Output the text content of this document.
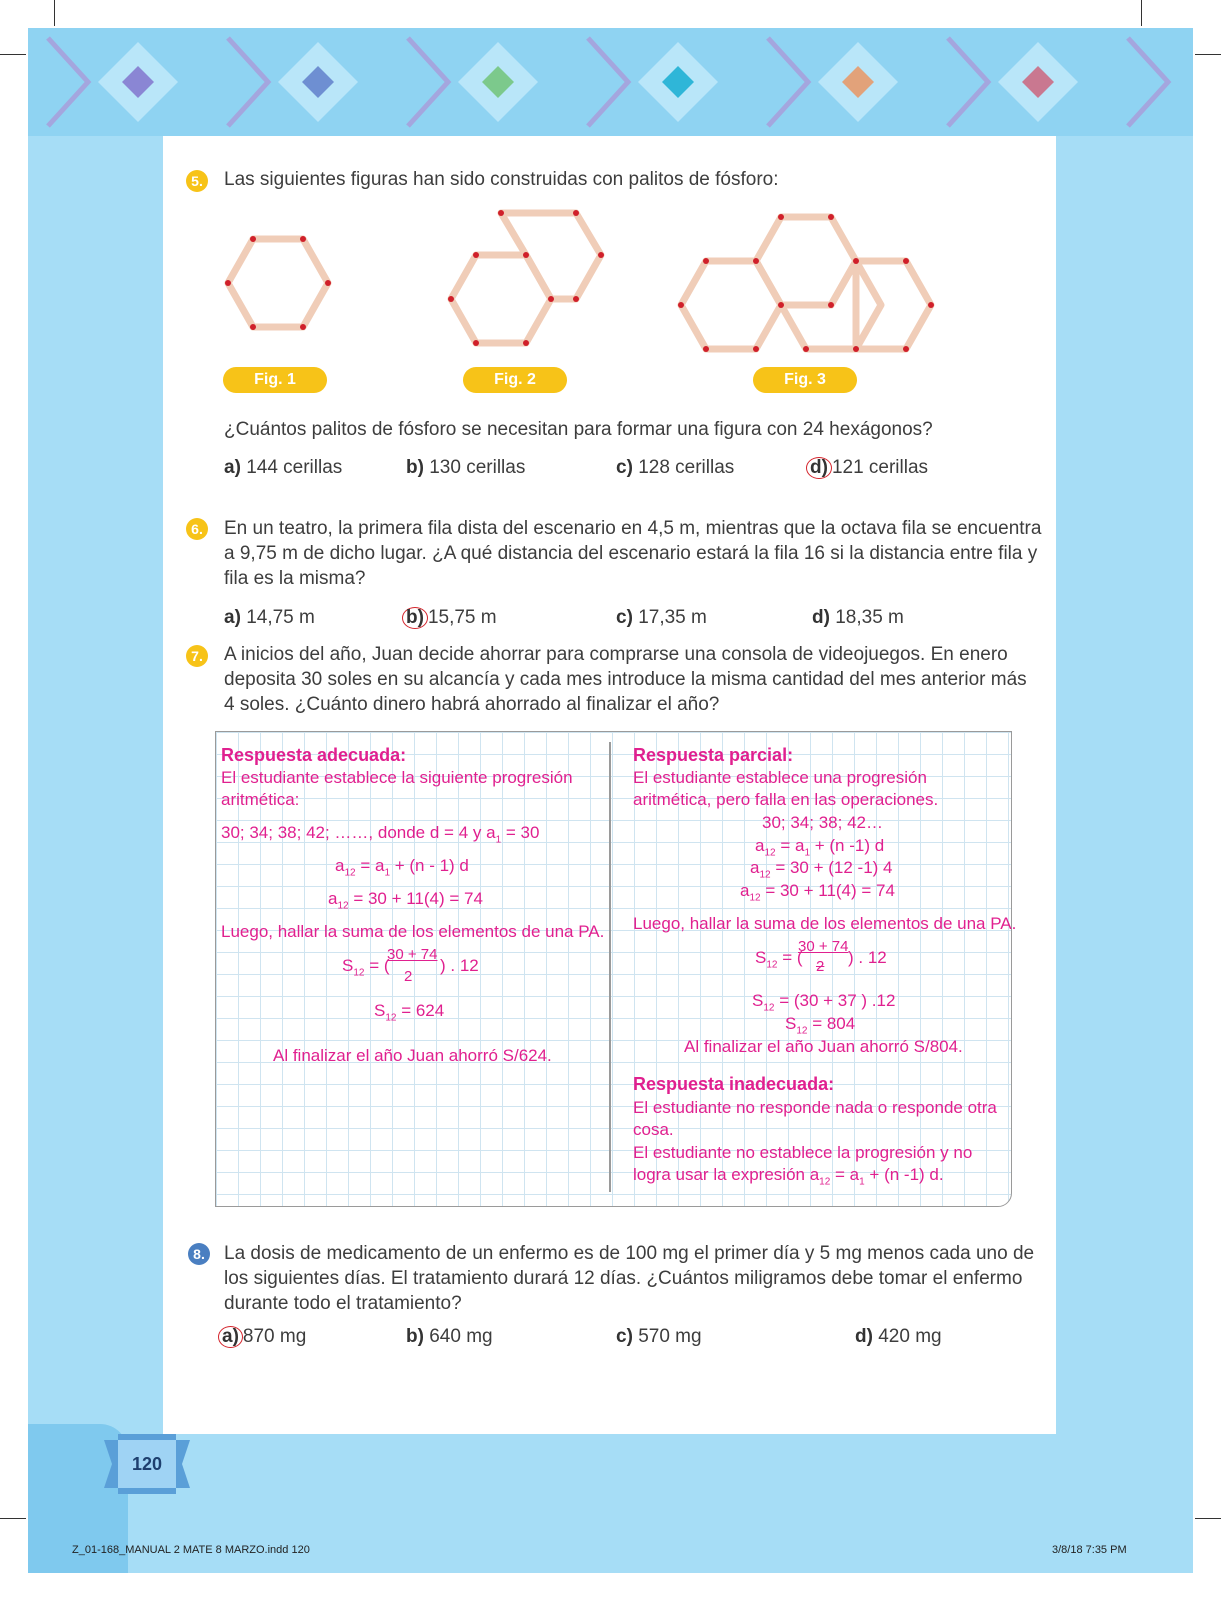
5. Las siguientes figuras han sido construidas con palitos de fósforo:
Fig. 1	Fig. 2	Fig. 3
¿Cuántos palitos de fósforo se necesitan para formar una figura con 24 hexágonos?
a) 144 cerillas	b) 130 cerillas	c) 128 cerillas	d) 121 cerillas
6. En un teatro, la primera fila dista del escenario en 4,5 m, mientras que la octava fila se encuentra
a 9,75 m de dicho lugar. ¿A qué distancia del escenario estará la fila 16 si la distancia entre fila y
fila es la misma?
a) 14,75 m	b) 15,75 m	c) 17,35 m	d) 18,35 m
7. A inicios del año, Juan decide ahorrar para comprarse una consola de videojuegos. En enero
deposita 30 soles en su alcancía y cada mes introduce la misma cantidad del mes anterior más
4 soles. ¿Cuánto dinero habrá ahorrado al finalizar el año?
Respuesta adecuada:
El estudiante establece la siguiente progresión
aritmética:
30; 34; 38; 42; ……, donde d = 4 y $a_1 = 30$
$a_{12} = a_1 + (n - 1)$ d
$a_{12} = 30 + 11(4) = 74$
Luego, hallar la suma de los elementos de una PA.
$S_{12}$ = (
30 + 74
2
) . 12
$S_{12} = 624$
Al finalizar el año Juan ahorró S/624.
Respuesta parcial:
El estudiante establece una progresión
aritmética, pero falla en las operaciones.
30; 34; 38; 42…
$a_{12} = a_1 + (n$ -1) d
$a_{12} = 30 + (12$ -1) 4
$a_{12} = 30 + 11(4) = 74$
Luego, hallar la suma de los elementos de una PA.
$S_{12}$ = (
30 + 74
2 ) . 12
$S_{12} = (30 + 37$ ) .12
$S_{12} = 804$
Al finalizar el año Juan ahorró S/804.
Respuesta inadecuada:
El estudiante no responde nada o responde otra
cosa.
El estudiante no establece la progresión y no
logra usar la expresión $a_{12} = a_1 + (n$ -1) d.
8. La dosis de medicamento de un enfermo es de 100 mg el primer día y 5 mg menos cada uno de
los siguientes días. El tratamiento durará 12 días. ¿Cuántos miligramos debe tomar el enfermo
durante todo el tratamiento?
a) 870 mg	b) 640 mg	c) 570 mg	d) 420 mg
120
Z_01-168_MANUAL 2 MATE 8 MARZO.indd 120	3/8/18 7:35 PM
